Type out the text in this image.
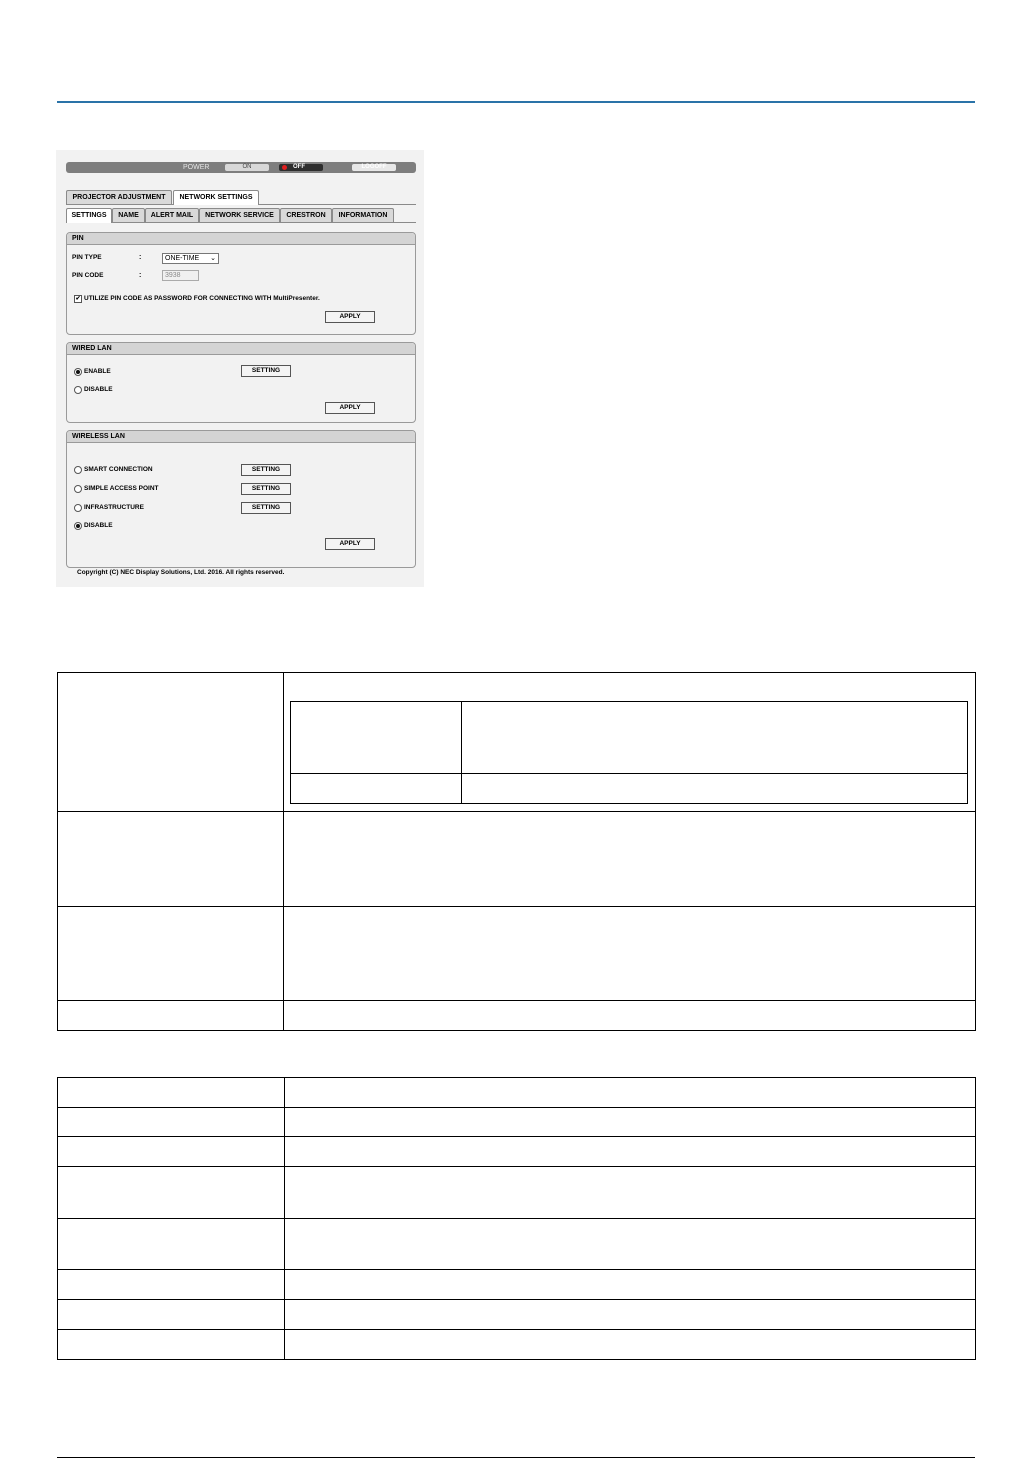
POWER	ON	OFF	LOGOFF
PROJECTOR ADJUSTMENT	NETWORK SETTINGS
SETTINGS	NAME	ALERT MAIL	NETWORK SERVICE	CRESTRON	INFORMATION
PIN
PIN TYPE	:	ONE-TIME ⌄
PIN CODE	:	3938
✔ UTILIZE PIN CODE AS PASSWORD FOR CONNECTING WITH MultiPresenter.
APPLY
WIRED LAN
ENABLE	SETTING
DISABLE
APPLY
WIRELESS LAN
SMART CONNECTION	SETTING
SIMPLE ACCESS POINT	SETTING
INFRASTRUCTURE	SETTING
DISABLE
APPLY
Copyright (C) NEC Display Solutions, Ltd. 2016. All rights reserved.
